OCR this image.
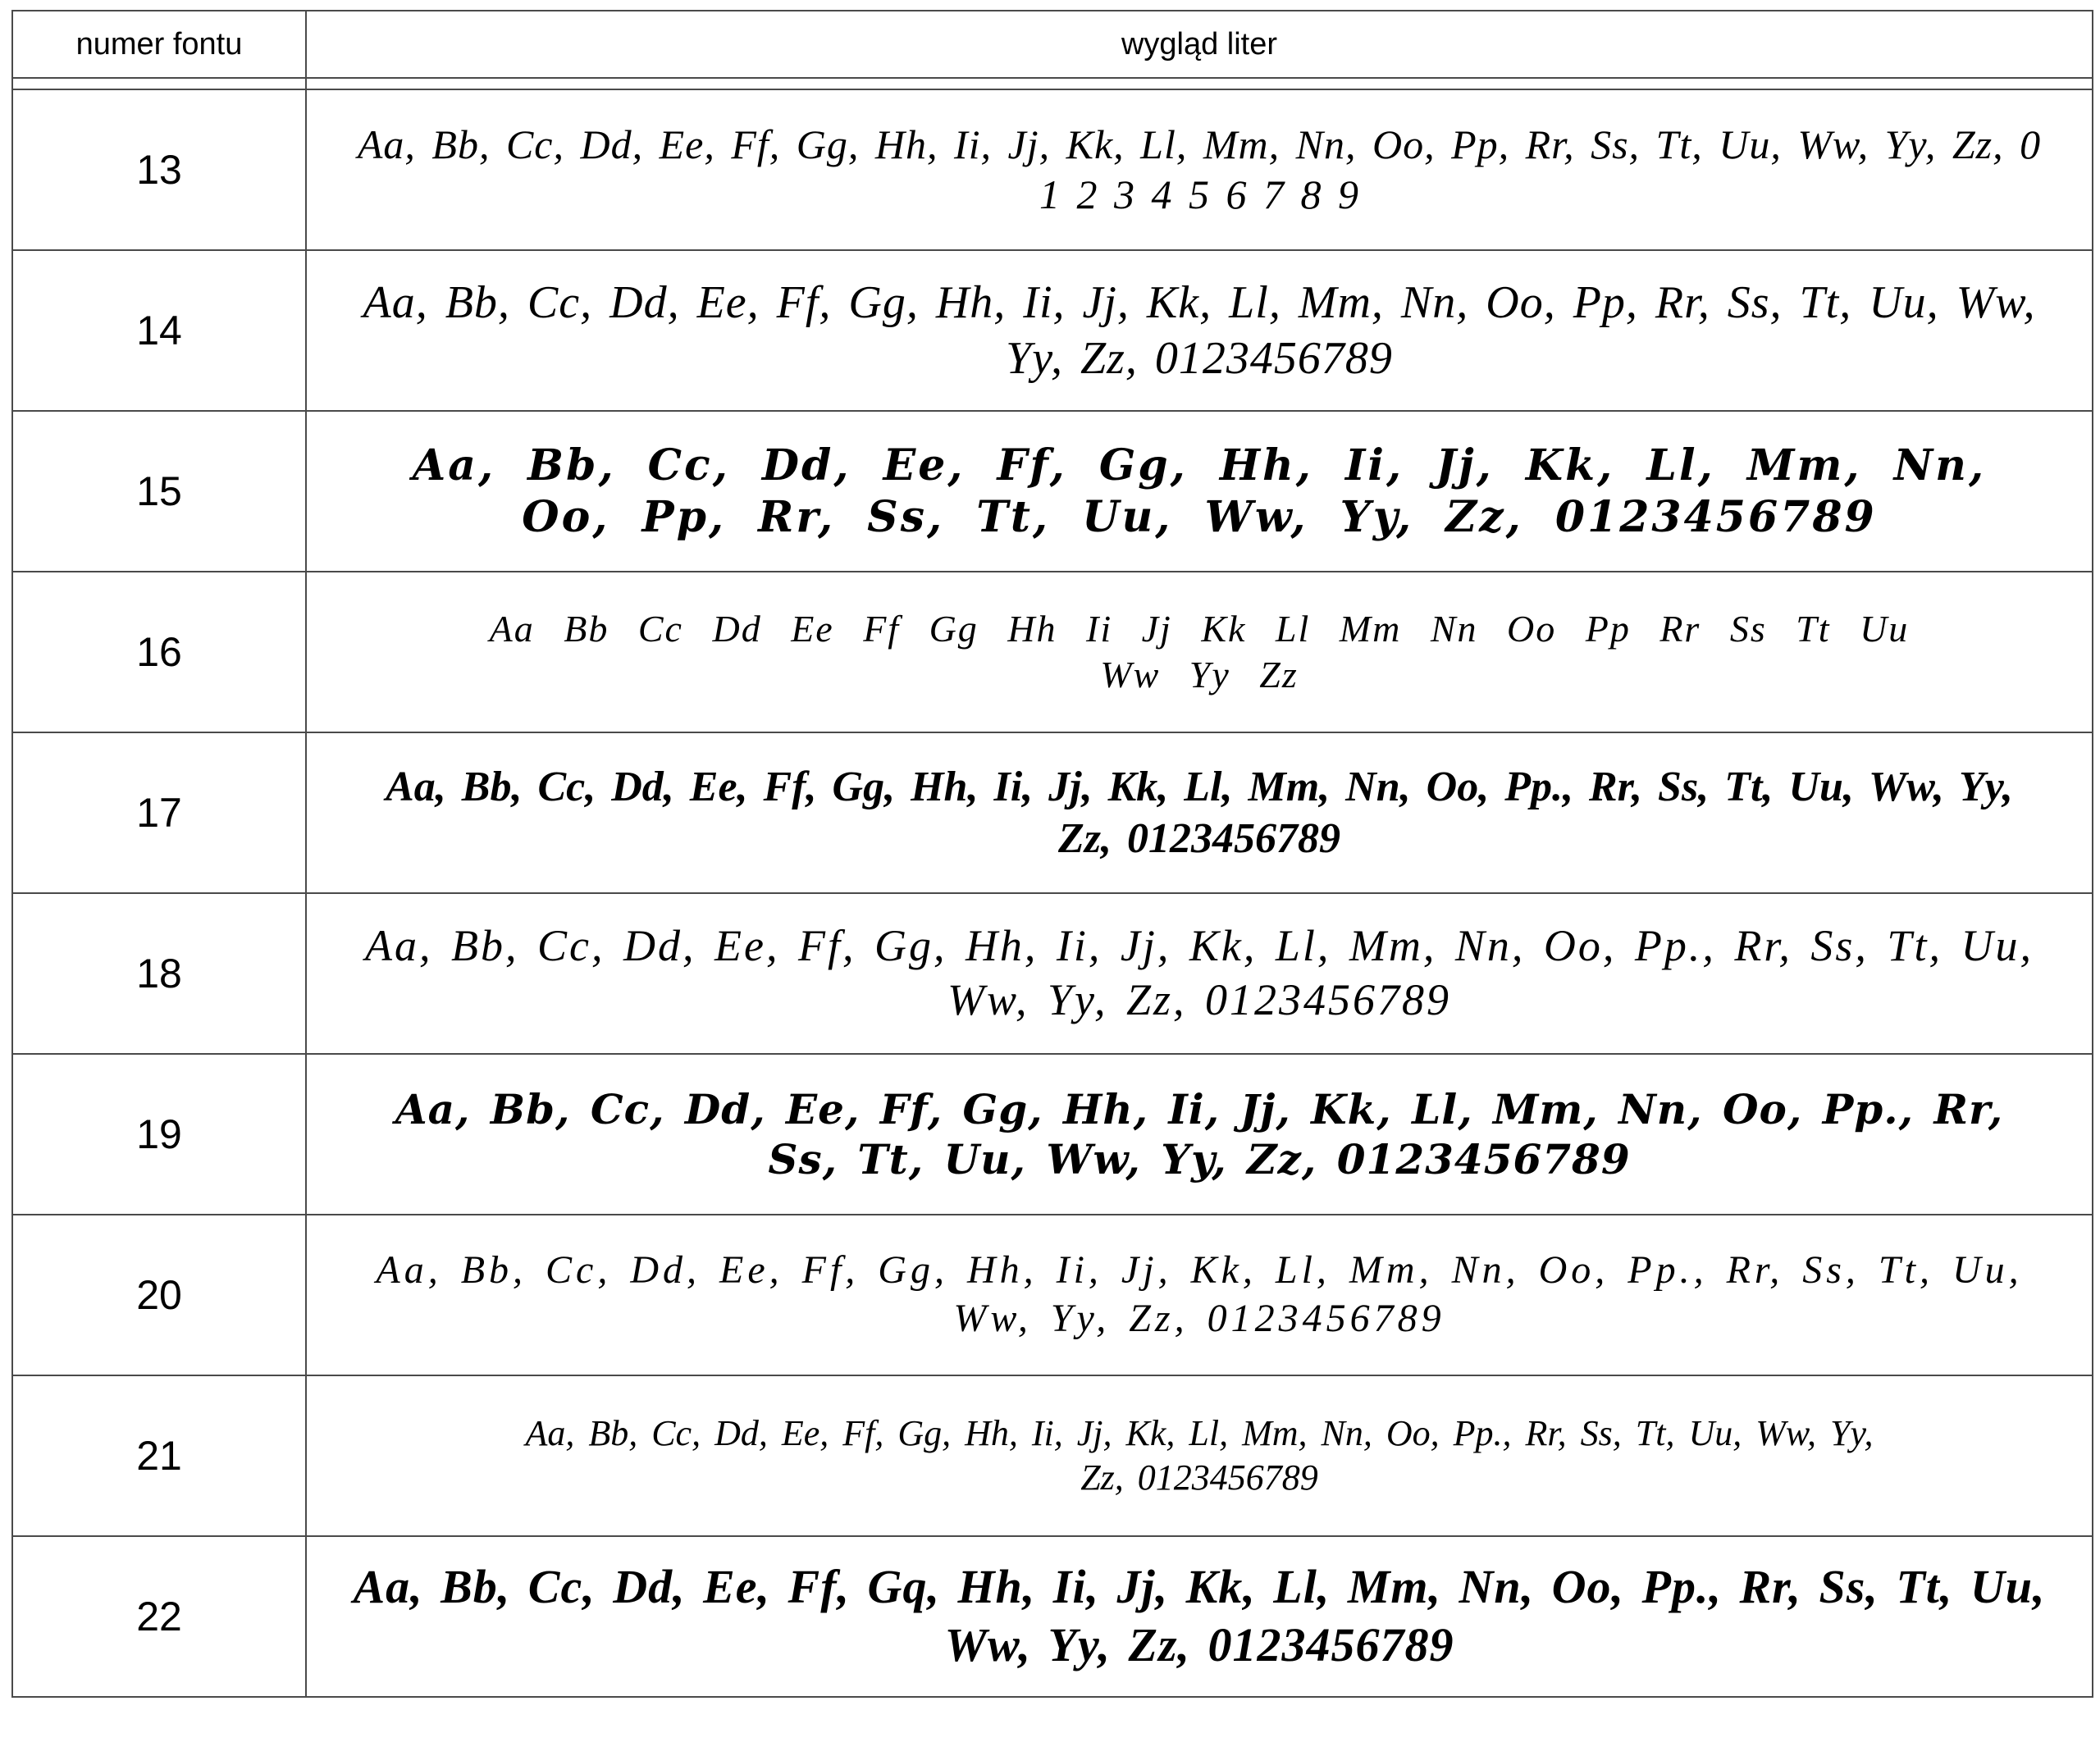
numer fontu	wygląd liter

13	Aa, Bb, Cc, Dd, Ee, Ff, Gg, Hh, Ii, Jj, Kk, Ll, Mm, Nn, Oo, Pp, Rr, Ss, Tt, Uu, Ww, Yy, Zz, 0 1 2 3 4 5 6 7 8 9

14	Aa, Bb, Cc, Dd, Ee, Ff, Gg, Hh, Ii, Jj, Kk, Ll, Mm, Nn, Oo, Pp, Rr, Ss, Tt, Uu, Ww, Yy, Zz, 0123456789

15	Aa, Bb, Cc, Dd, Ee, Ff, Gg, Hh, Ii, Jj, Kk, Ll, Mm, Nn, Oo, Pp, Rr, Ss, Tt, Uu, Ww, Yy, Zz, 0123456789

16	Aa Bb Cc Dd Ee Ff Gg Hh Ii Jj Kk Ll Mm Nn Oo Pp Rr Ss Tt Uu Ww Yy Zz

17	Aa, Bb, Cc, Dd, Ee, Ff, Gg, Hh, Ii, Jj, Kk, Ll, Mm, Nn, Oo, Pp., Rr, Ss, Tt, Uu, Ww, Yy, Zz, 0123456789

18	Aa, Bb, Cc, Dd, Ee, Ff, Gg, Hh, Ii, Jj, Kk, Ll, Mm, Nn, Oo, Pp., Rr, Ss, Tt, Uu, Ww, Yy, Zz, 0123456789

19	Aa, Bb, Cc, Dd, Ee, Ff, Gg, Hh, Ii, Jj, Kk, Ll, Mm, Nn, Oo, Pp., Rr, Ss, Tt, Uu, Ww, Yy, Zz, 0123456789

20	Aa, Bb, Cc, Dd, Ee, Ff, Gg, Hh, Ii, Jj, Kk, Ll, Mm, Nn, Oo, Pp., Rr, Ss, Tt, Uu, Ww, Yy, Zz, 0123456789

21	Aa, Bb, Cc, Dd, Ee, Ff, Gg, Hh, Ii, Jj, Kk, Ll, Mm, Nn, Oo, Pp., Rr, Ss, Tt, Uu, Ww, Yy, Zz, 0123456789

22	Aa, Bb, Cc, Dd, Ee, Ff, Gq, Hh, Ii, Jj, Kk, Ll, Mm, Nn, Oo, Pp., Rr, Ss, Tt, Uu, Ww, Yy, Zz, 0123456789
